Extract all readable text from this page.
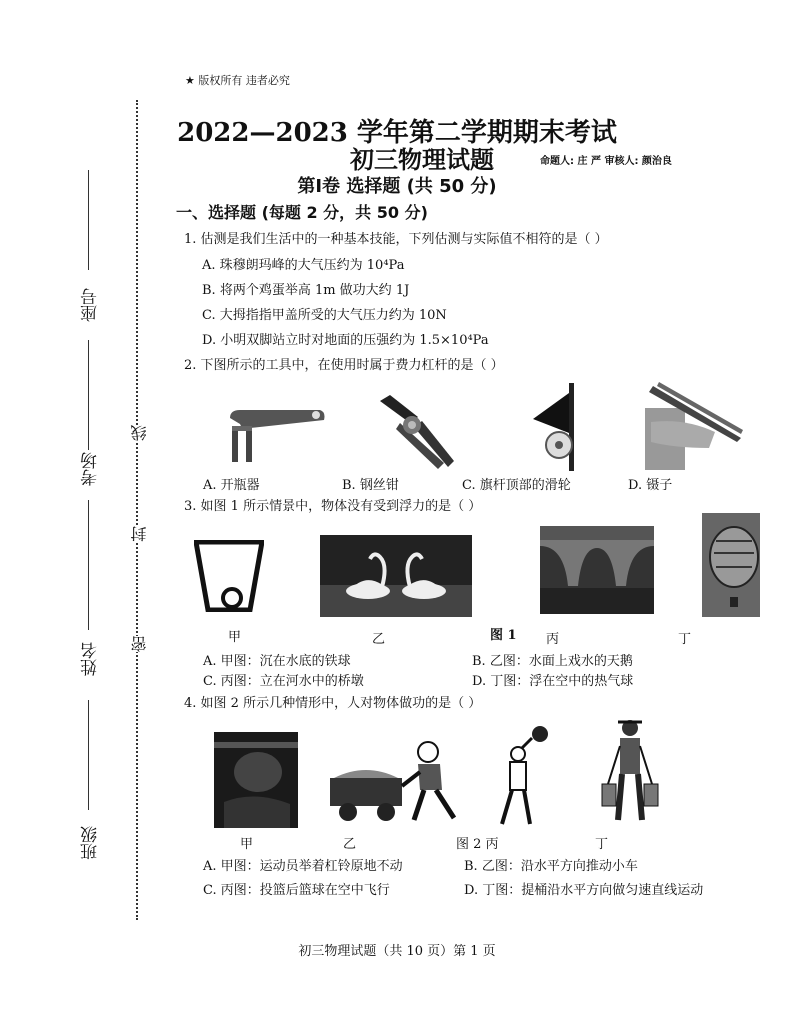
★ 版权所有 违者必究
座号
考场
姓名
班级
线
封
密
2022—2023 学年第二学期期末考试
初三物理试题	命题人: 庄 严 审核人: 颜治良
第Ⅰ卷 选择题 (共 50 分)
一、选择题 (每题 2 分，共 50 分)
1. 估测是我们生活中的一种基本技能，下列估测与实际值不相符的是（ ）
A. 珠穆朗玛峰的大气压约为 10⁴Pa
B. 将两个鸡蛋举高 1m 做功大约 1J
C. 大拇指指甲盖所受的大气压力约为 10N
D. 小明双脚站立时对地面的压强约为 1.5×10⁴Pa
2. 下图所示的工具中，在使用时属于费力杠杆的是（ ）
A. 开瓶器	B. 钢丝钳	C. 旗杆顶部的滑轮	D. 镊子
3. 如图 1 所示情景中，物体没有受到浮力的是（ ）
甲	乙	图 1 丙	丁
A. 甲图：沉在水底的铁球	B. 乙图：水面上戏水的天鹅
C. 丙图：立在河水中的桥墩	D. 丁图：浮在空中的热气球
4. 如图 2 所示几种情形中，人对物体做功的是（ ）
甲	乙	图 2 丙	丁
A. 甲图：运动员举着杠铃原地不动	B. 乙图：沿水平方向推动小车
C. 丙图：投篮后篮球在空中飞行	D. 丁图：提桶沿水平方向做匀速直线运动
初三物理试题（共 10 页）第 1 页
